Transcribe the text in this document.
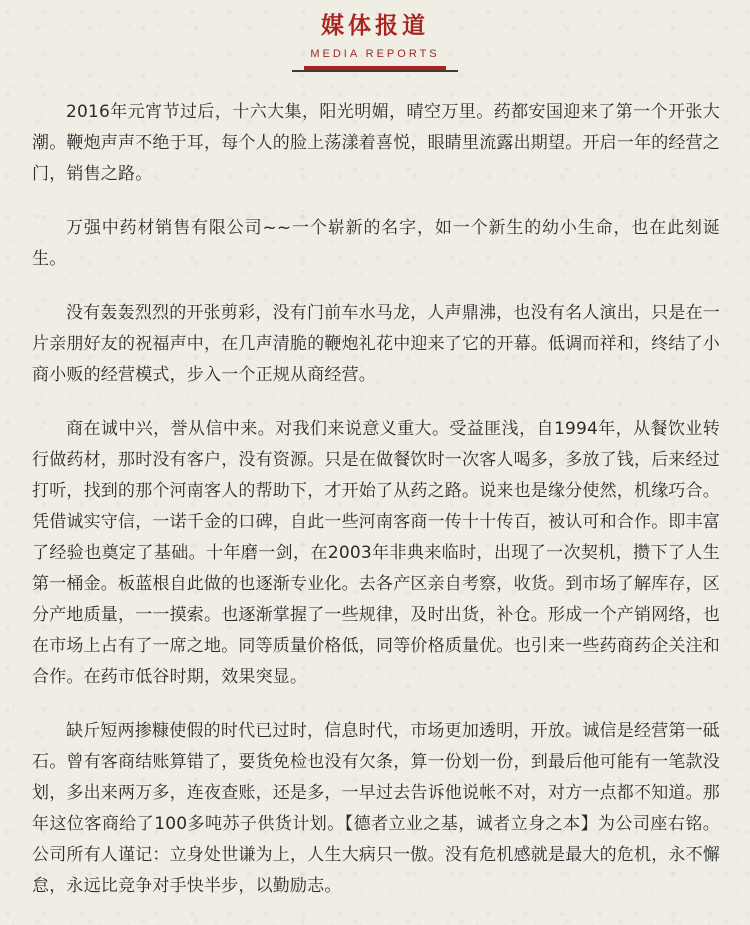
媒体报道
MEDIA REPORTS

2016年元宵节过后，十六大集，阳光明媚，晴空万里。药都安国迎来了第一个开张大潮。鞭炮声声不绝于耳，每个人的脸上荡漾着喜悦，眼睛里流露出期望。开启一年的经营之门，销售之路。

万强中药材销售有限公司~~一个崭新的名字，如一个新生的幼小生命，也在此刻诞生。

没有轰轰烈烈的开张剪彩，没有门前车水马龙，人声鼎沸，也没有名人演出，只是在一片亲朋好友的祝福声中，在几声清脆的鞭炮礼花中迎来了它的开幕。低调而祥和，终结了小商小贩的经营模式，步入一个正规从商经营。

商在诚中兴，誉从信中来。对我们来说意义重大。受益匪浅，自1994年，从餐饮业转行做药材，那时没有客户，没有资源。只是在做餐饮时一次客人喝多，多放了钱，后来经过打听，找到的那个河南客人的帮助下，才开始了从药之路。说来也是缘分使然，机缘巧合。凭借诚实守信，一诺千金的口碑，自此一些河南客商一传十十传百，被认可和合作。即丰富了经验也奠定了基础。十年磨一剑，在2003年非典来临时，出现了一次契机，攒下了人生第一桶金。板蓝根自此做的也逐渐专业化。去各产区亲自考察，收货。到市场了解库存，区分产地质量，一一摸索。也逐渐掌握了一些规律，及时出货，补仓。形成一个产销网络，也在市场上占有了一席之地。同等质量价格低，同等价格质量优。也引来一些药商药企关注和合作。在药市低谷时期，效果突显。

缺斤短两掺糠使假的时代已过时，信息时代，市场更加透明，开放。诚信是经营第一砥石。曾有客商结账算错了，要货免检也没有欠条，算一份划一份，到最后他可能有一笔款没划，多出来两万多，连夜查账，还是多，一早过去告诉他说帐不对，对方一点都不知道。那年这位客商给了100多吨苏子供货计划。【德者立业之基，诚者立身之本】为公司座右铭。公司所有人谨记：立身处世谦为上，人生大病只一傲。没有危机感就是最大的危机，永不懈怠，永远比竞争对手快半步，以勤励志。
